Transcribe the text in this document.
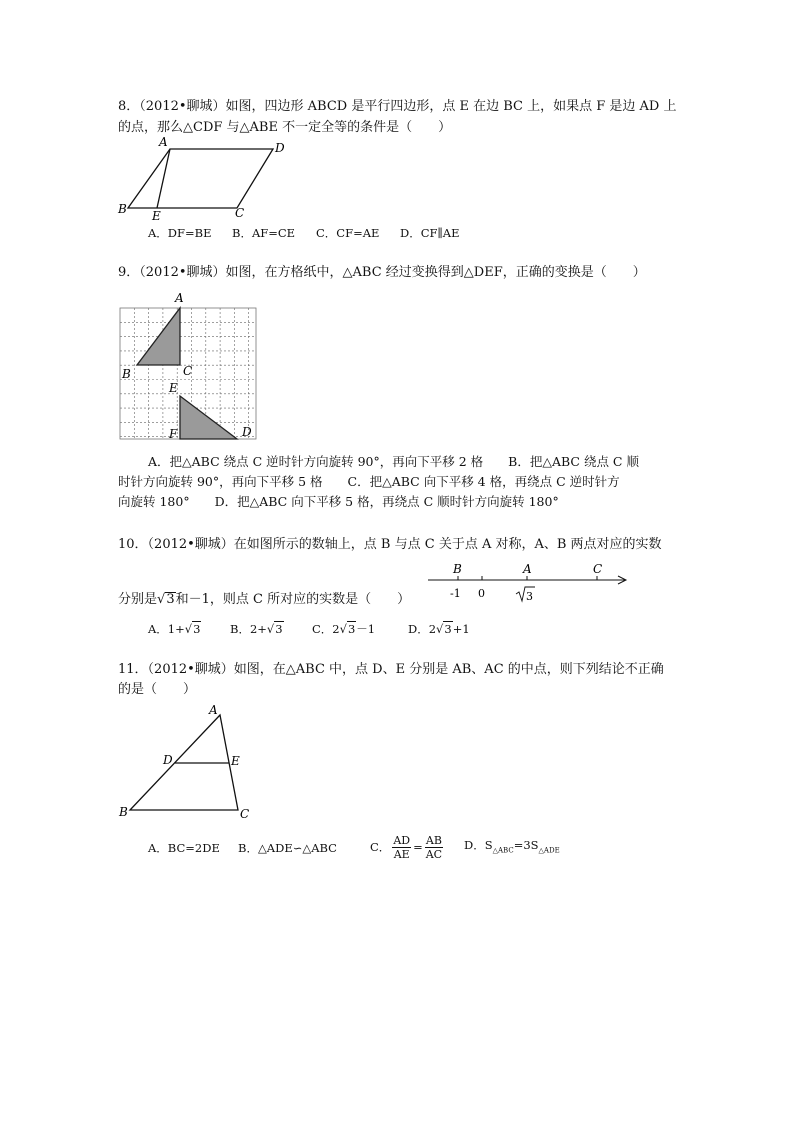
8．（2012•聊城）如图，四边形 ABCD 是平行四边形，点 E 在边 BC 上，如果点 F 是边 AD 上
的点，那么△CDF 与△ABE 不一定全等的条件是（　　）
A	D
B E	C
A．DF=BE B．AF=CE C．CF=AE D．CF∥AE
9．（2012•聊城）如图，在方格纸中，△ABC 经过变换得到△DEF，正确的变换是（　　）
A
B	C
E
F	D
A．把△ABC 绕点 C 逆时针方向旋转 90°，再向下平移 2 格　　B．把△ABC 绕点 C 顺
时针方向旋转 90°，再向下平移 5 格　　C．把△ABC 向下平移 4 格，再绕点 C 逆时针方
向旋转 180°　　D．把△ABC 向下平移 5 格，再绕点 C 顺时针方向旋转 180°
10．（2012•聊城）在如图所示的数轴上，点 B 与点 C 关于点 A 对称，A、B 两点对应的实数
分别是√3和－1，则点 C 所对应的实数是（　　）
B	A	C
-1 0	3
A．1+√3	B．2+√3	C．2√3－1	D．2√3+1
11．（2012•聊城）如图，在△ABC 中，点 D、E 分别是 AB、AC 的中点，则下列结论不正确
的是（　　）
A
D	E
B	C
A．BC=2DE B．△ADE∽△ABC	C． $\frac{AD}{AE} = \frac{AB}{AC}$ D．$S_{\triangle ABC}=3S_{\triangle ADE}$
